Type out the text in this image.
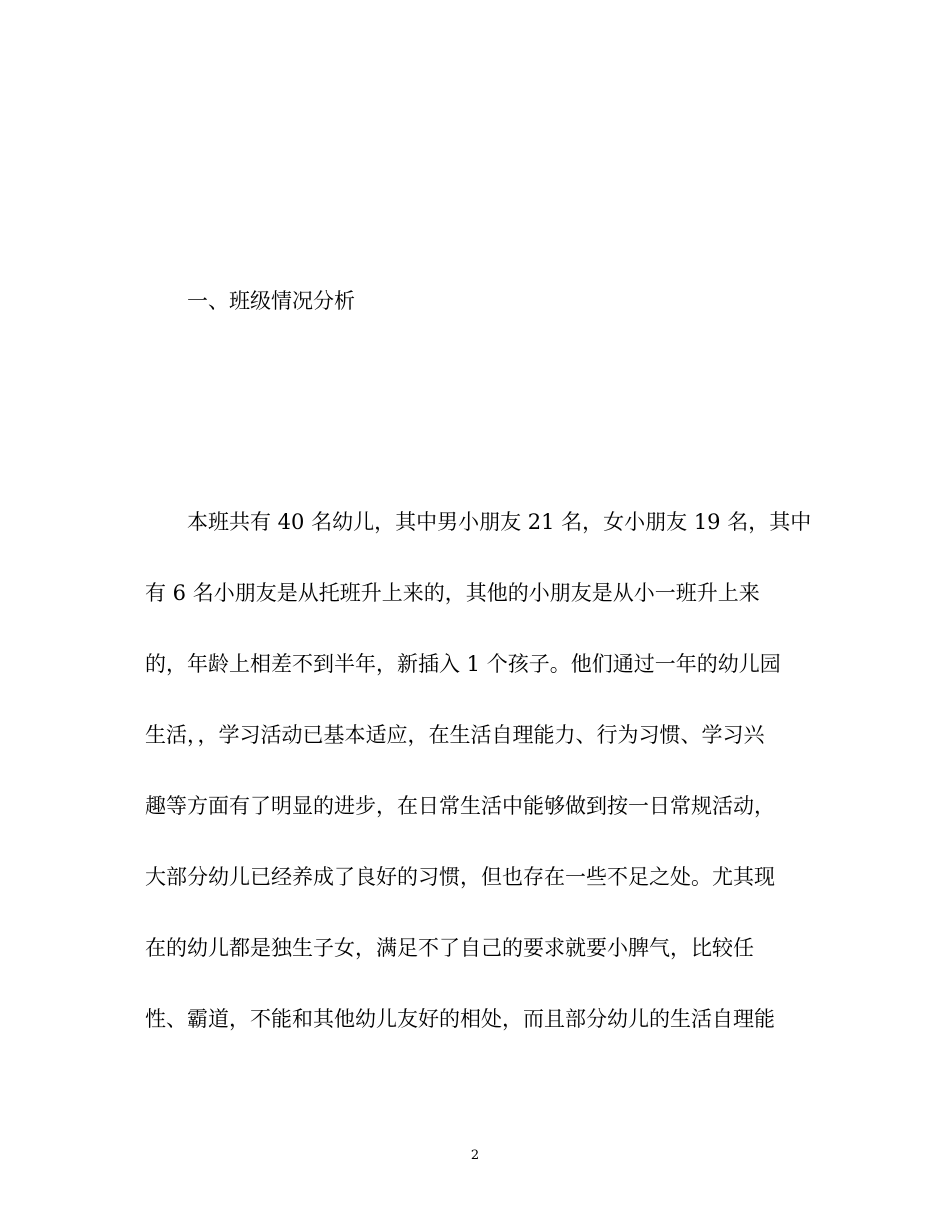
一、班级情况分析
本班共有 40 名幼儿，其中男小朋友 21 名，女小朋友 19 名，其中
有 6 名小朋友是从托班升上来的，其他的小朋友是从小一班升上来
的，年龄上相差不到半年，新插入 1 个孩子。他们通过一年的幼儿园
生活，，学习活动已基本适应，在生活自理能力、行为习惯、学习兴
趣等方面有了明显的进步，在日常生活中能够做到按一日常规活动，
大部分幼儿已经养成了良好的习惯，但也存在一些不足之处。尤其现
在的幼儿都是独生子女，满足不了自己的要求就要小脾气，比较任
性、霸道，不能和其他幼儿友好的相处，而且部分幼儿的生活自理能
2
